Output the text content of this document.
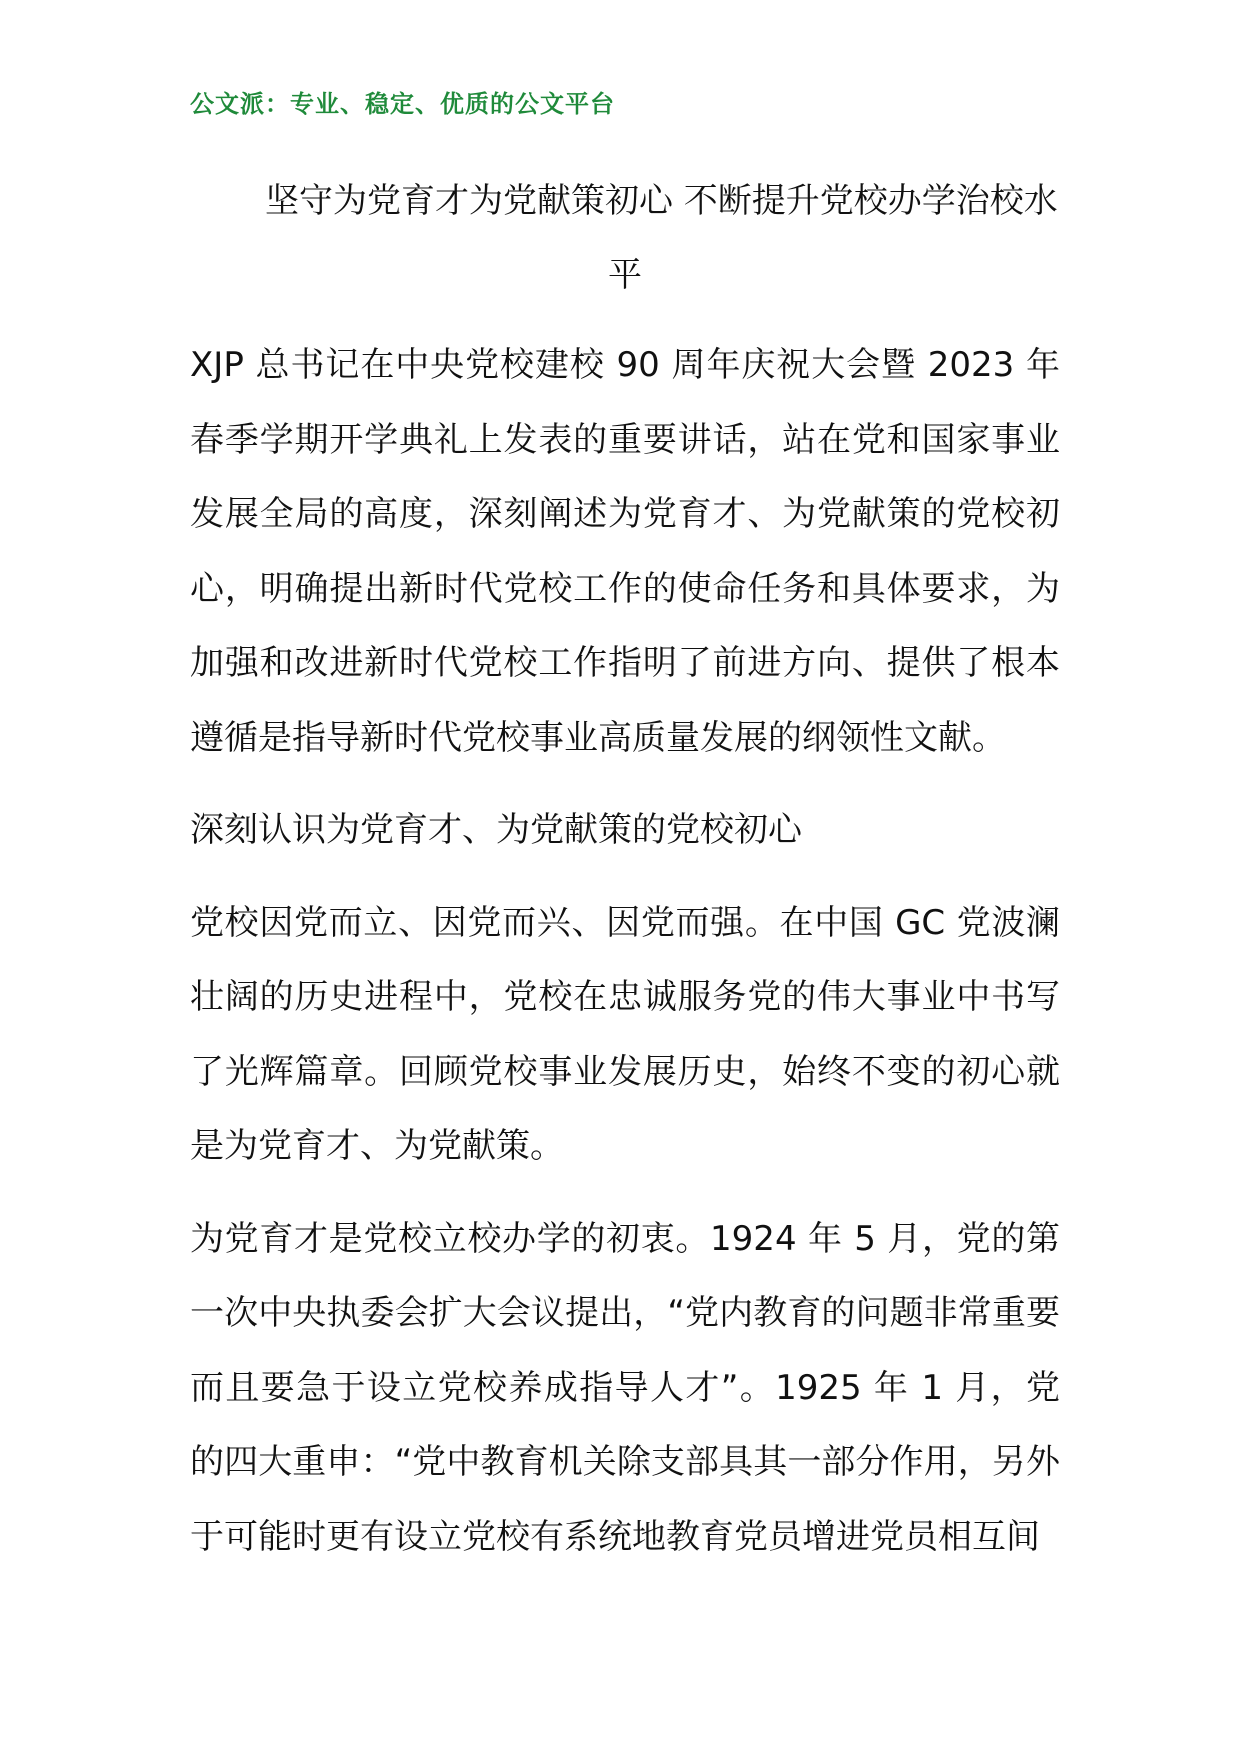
公文派：专业、稳定、优质的公文平台
坚守为党育才为党献策初心 不断提升党校办学治校水
平

XJP 总书记在中央党校建校 90 周年庆祝大会暨 2023 年春季学期开学典礼上发表的重要讲话，站在党和国家事业发展全局的高度，深刻阐述为党育才、为党献策的党校初心，明确提出新时代党校工作的使命任务和具体要求，为加强和改进新时代党校工作指明了前进方向、提供了根本遵循是指导新时代党校事业高质量发展的纲领性文献。

深刻认识为党育才、为党献策的党校初心

党校因党而立、因党而兴、因党而强。在中国 GC 党波澜壮阔的历史进程中，党校在忠诚服务党的伟大事业中书写了光辉篇章。回顾党校事业发展历史，始终不变的初心就是为党育才、为党献策。

为党育才是党校立校办学的初衷。1924 年 5 月，党的第一次中央执委会扩大会议提出，“党内教育的问题非常重要而且要急于设立党校养成指导人才”。1925 年 1 月，党的四大重申：“党中教育机关除支部具其一部分作用，另外于可能时更有设立党校有系统地教育党员增进党员相互间
